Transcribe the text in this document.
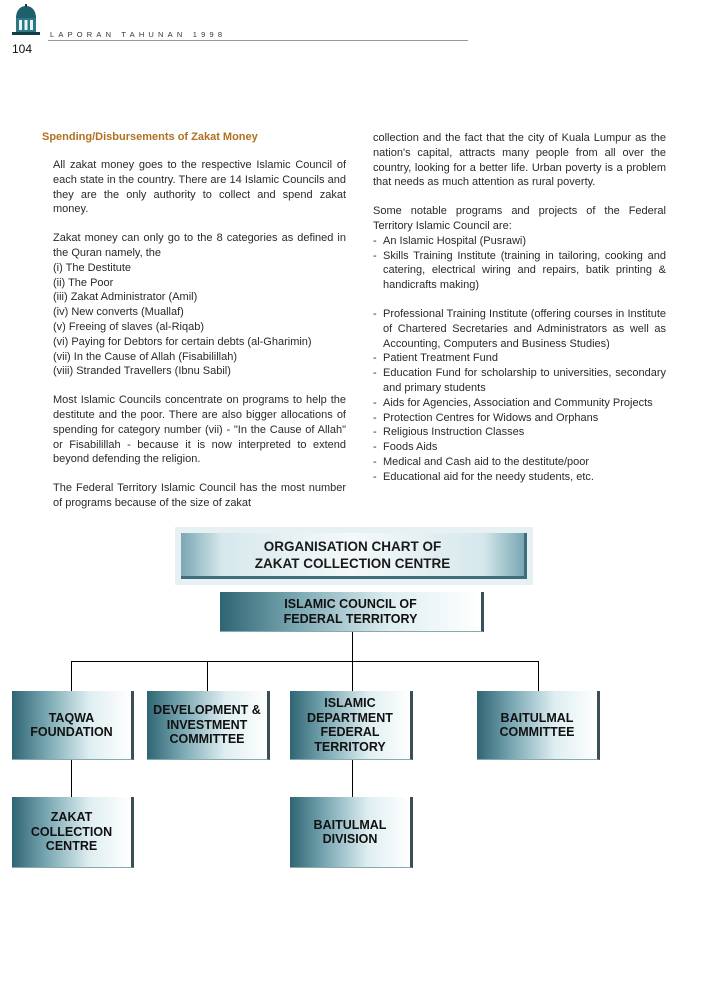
LAPORAN TAHUNAN 1998
104
Spending/Disbursements of Zakat Money

All zakat money goes to the respective Islamic Council of each state in the country. There are 14 Islamic Councils and they are the only authority to collect and spend zakat money.

Zakat money can only go to the 8 categories as defined in the Quran namely, the

(i) The Destitute
(ii) The Poor
(iii) Zakat Administrator (Amil)
(iv) New converts (Muallaf)
(v) Freeing of slaves (al-Riqab)
(vi) Paying for Debtors for certain debts (al-Gharimin)
(vii) In the Cause of Allah (Fisabilillah)
(viii) Stranded Travellers (Ibnu Sabil)

Most Islamic Councils concentrate on programs to help the destitute and the poor. There are also bigger allocations of spending for category number (vii) - "In the Cause of Allah" or Fisabilillah - because it is now interpreted to extend beyond defending the religion.

The Federal Territory Islamic Council has the most number of programs because of the size of zakat

collection and the fact that the city of Kuala Lumpur as the nation's capital, attracts many people from all over the country, looking for a better life. Urban poverty is a problem that needs as much attention as rural poverty.

Some notable programs and projects of the Federal Territory Islamic Council are:

- An Islamic Hospital (Pusrawi)
- Skills Training Institute (training in tailoring, cooking and catering, electrical wiring and repairs, batik printing & handicrafts making)
- Professional Training Institute (offering courses in Institute of Chartered Secretaries and Administrators as well as Accounting, Computers and Business Studies)
- Patient Treatment Fund
- Education Fund for scholarship to universities, secondary and primary students
- Aids for Agencies, Association and Community Projects
- Protection Centres for Widows and Orphans
- Religious Instruction Classes
- Foods Aids
- Medical and Cash aid to the destitute/poor
- Educational aid for the needy students, etc.
ORGANISATION CHART OF
ZAKAT COLLECTION CENTRE
ISLAMIC COUNCIL OF
FEDERAL TERRITORY
TAQWA
FOUNDATION
DEVELOPMENT &
INVESTMENT
COMMITTEE
ISLAMIC
DEPARTMENT
FEDERAL
TERRITORY
BAITULMAL
COMMITTEE
ZAKAT
COLLECTION
CENTRE
BAITULMAL
DIVISION
